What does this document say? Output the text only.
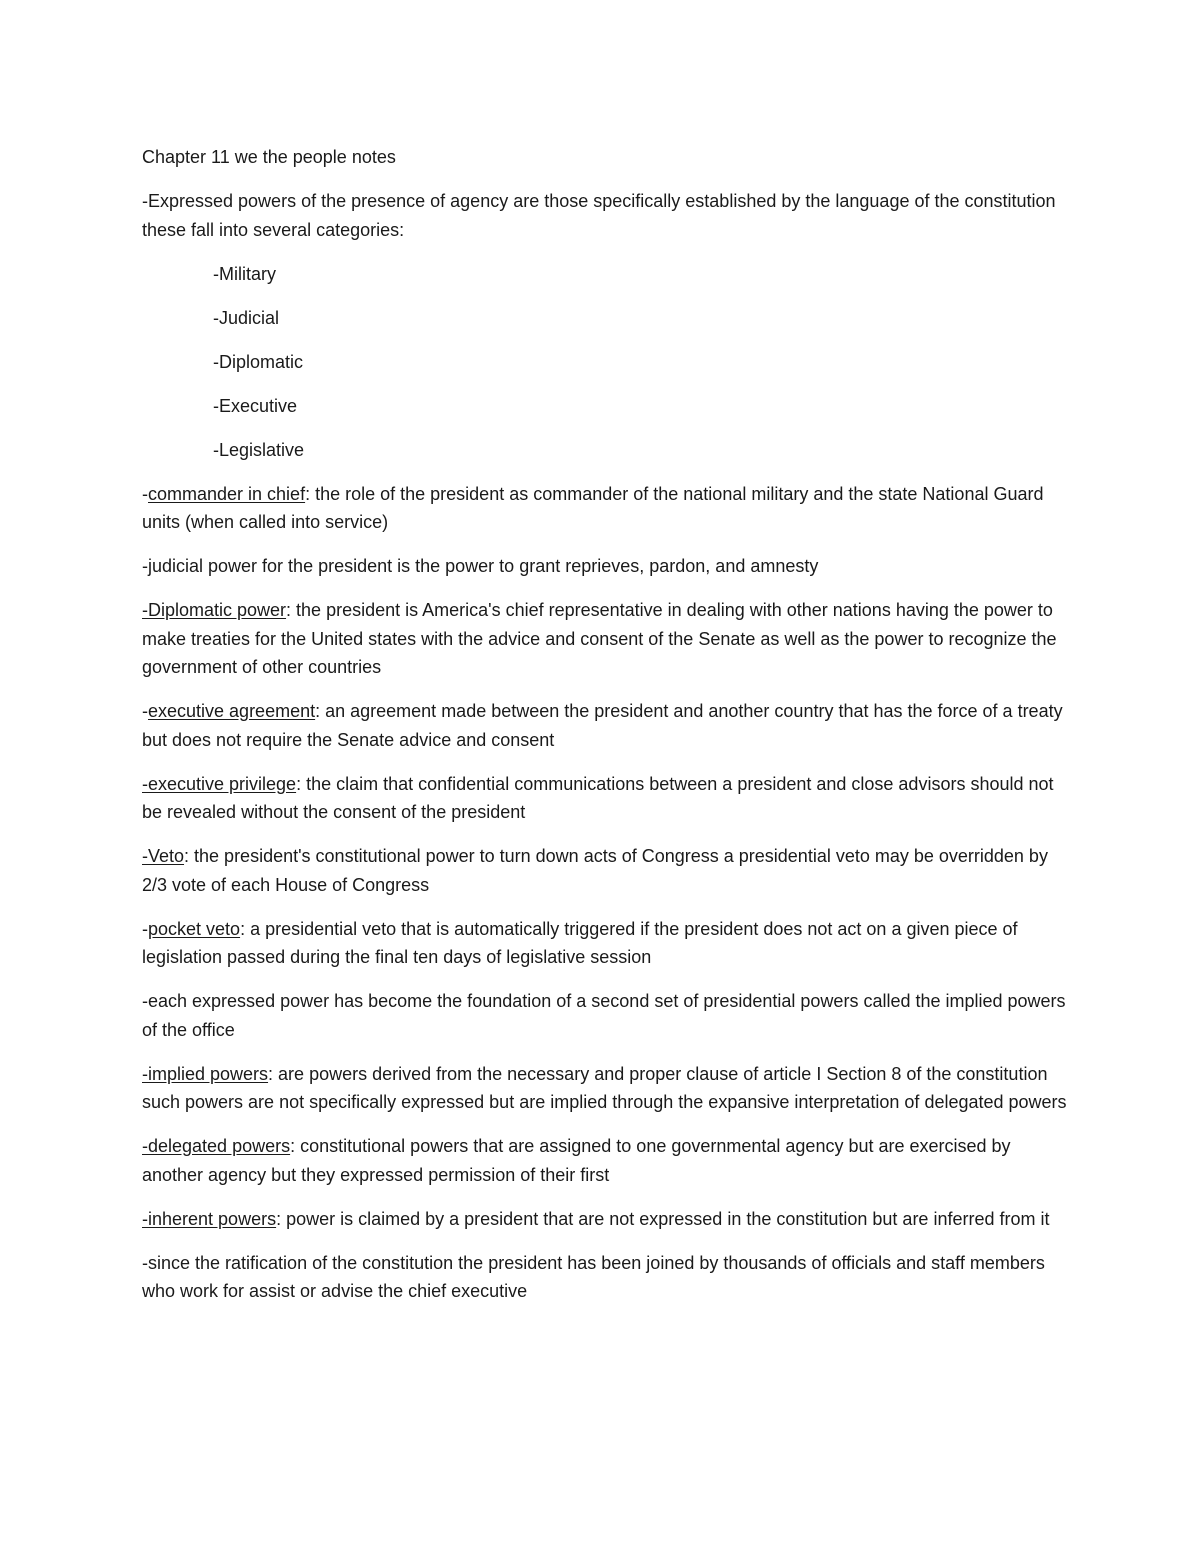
Chapter 11 we the people notes

-Expressed powers of the presence of agency are those specifically established by the language of the constitution these fall into several categories:

-Military
-Judicial
-Diplomatic
-Executive
-Legislative

-commander in chief: the role of the president as commander of the national military and the state National Guard units (when called into service)

-judicial power for the president is the power to grant reprieves, pardon, and amnesty

-Diplomatic power: the president is America's chief representative in dealing with other nations having the power to make treaties for the United states with the advice and consent of the Senate as well as the power to recognize the government of other countries

-executive agreement: an agreement made between the president and another country that has the force of a treaty but does not require the Senate advice and consent

-executive privilege: the claim that confidential communications between a president and close advisors should not be revealed without the consent of the president

-Veto: the president's constitutional power to turn down acts of Congress a presidential veto may be overridden by 2/3 vote of each House of Congress

-pocket veto: a presidential veto that is automatically triggered if the president does not act on a given piece of legislation passed during the final ten days of legislative session

-each expressed power has become the foundation of a second set of presidential powers called the implied powers of the office

-implied powers: are powers derived from the necessary and proper clause of article I Section 8 of the constitution such powers are not specifically expressed but are implied through the expansive interpretation of delegated powers

-delegated powers: constitutional powers that are assigned to one governmental agency but are exercised by another agency but they expressed permission of their first

-inherent powers: power is claimed by a president that are not expressed in the constitution but are inferred from it

-since the ratification of the constitution the president has been joined by thousands of officials and staff members who work for assist or advise the chief executive
